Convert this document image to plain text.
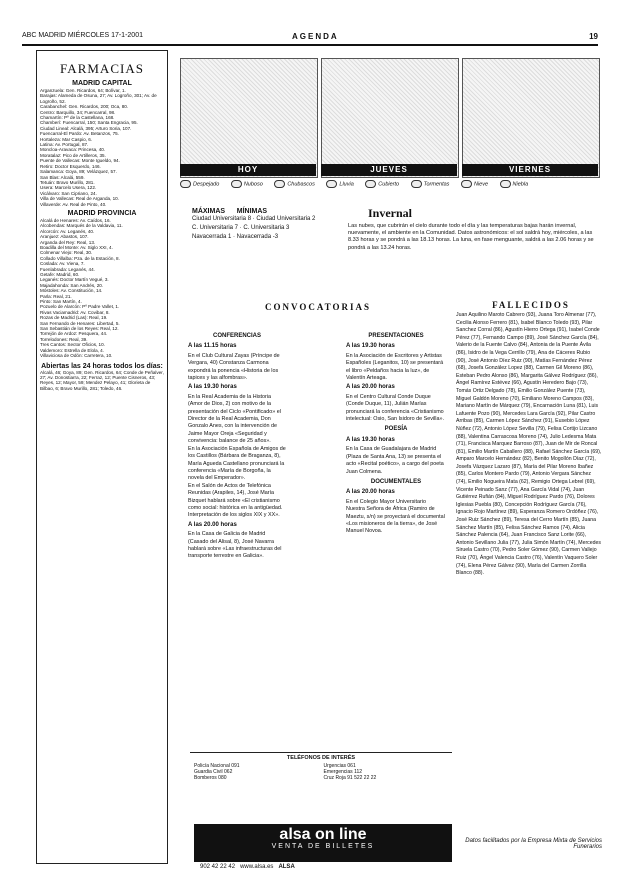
ABC MADRID MIÉRCOLES 17-1-2001	AGENDA	19
FARMACIAS
MADRID CAPITAL
Arganzuela: Gen. Ricardos, 64; Bolívar, 1.
Barajas: Alameda de Osuna, 27; Av. Logroño, 301; Av. de Logroño, 52.
Carabanchel: Gen. Ricardos, 200; Oca, 80.
Centro: Barquillo, 34; Fuencarral, 98.
Chamartín: Pº de la Castellana, 168.
Chamberí: Fuencarral, 150; Santa Engracia, 95.
Ciudad Lineal: Alcalá, 395; Arturo Soria, 107.
Fuencarral-El Pardo: Av. Betanzos, 75.
Hortaleza: Mar Caspio, 6.
Latina: Av. Portugal, 87.
Moncloa-Aravaca: Princesa, 40.
Moratalaz: Pico de Artilleros, 35.
Puente de Vallecas: Monte Igueldo, 94.
Retiro: Doctor Esquerdo, 146.
Salamanca: Goya, 89; Velázquez, 57.
San Blas: Alcalá, 559.
Tetuán: Bravo Murillo, 281.
Usera: Marcelo Usera, 122.
Vicálvaro: San Cipriano, 24.
Villa de Vallecas: Real de Arganda, 10.
Villaverde: Av. Real de Pinto, 40.
MADRID PROVINCIA
Alcalá de Henares: Av. Caídos, 16.
Alcobendas: Marqués de la Valdavia, 11.
Alcorcón: Av. Leganés, 40.
Aranjuez: Abastos, 107.
Arganda del Rey: Real, 13.
Boadilla del Monte: Av. Siglo XXI, 4.
Colmenar Viejo: Real, 30.
Collado Villalba: Pza. de la Estación, 8.
Coslada: Av. Viena, 7.
Fuenlabrada: Leganés, 44.
Getafe: Madrid, 60.
Leganés: Doctor Martín Vegué, 3.
Majadahonda: San Andrés, 20.
Móstoles: Av. Constitución, 14.
Parla: Real, 21.
Pinto: San Martín, 4.
Pozuelo de Alarcón: Pº Padre Vallet, 1.
Rivas Vaciamadrid: Av. Covibar, 8.
Rozas de Madrid (Las): Real, 19.
San Fernando de Henares: Libertad, 5.
San Sebastián de los Reyes: Real, 12.
Torrejón de Ardoz: Pesquera, 44.
Torrelodones: Real, 39.
Tres Cantos: Sector Oficios, 10.
Valdemoro: Estrella de Elola, 4.
Villaviciosa de Odón: Carretera, 10.
Abiertas las 24 horas todos los días:
Alcalá, 46; Goya, 89; Gen. Ricardos, 64; Conde de Peñalver, 27; Av. Donostiarra, 22; Ferraz, 12; Puente Cisneros, 43; Reyes, 12; Mayor, 59; Mendez Pelayo, 41; Glorieta de Bilbao, 6; Bravo Murillo, 281; Toledo, 46.
HOY	JUEVES	VIERNES
Despejado	Nuboso	Chubascos	Lluvia	Cubierto	Tormentas	Nieve	Niebla
MÁXIMAS MÍNIMAS
Ciudad Universitaria 8 · Ciudad Universitaria 2
C. Universitaria 7 · C. Universitaria 3
Navacerrada 1 · Navacerrada -3
Invernal

Las nubes, que cubrirán el cielo durante todo el día y las temperaturas bajas harán invernal, nuevamente, el ambiente en la Comunidad. Datos astronómicos: el sol saldrá hoy, miércoles, a las 8.33 horas y se pondrá a las 18.13 horas. La luna, en fase menguante, saldrá a las 2.06 horas y se pondrá a las 13.24 horas.

CONVOCATORIAS
CONFERENCIAS
A las 11.15 horas
En el Club Cultural Zayas (Príncipe de Vergara, 40) Constanza Carmona expondrá la ponencia «Historia de los tapices y las alfombras».
A las 19.30 horas
En la Real Academia de la Historia (Amor de Dios, 2) con motivo de la presentación del Ciclo «Pontificado» el Director de la Real Academia, Don Gonzalo Anes, con la intervención de Jaime Mayor Oreja «Seguridad y convivencia: balance de 25 años».
En la Asociación Española de Amigos de los Castillos (Bárbara de Braganza, 8), María Agueda Castellano pronunciará la conferencia «María de Borgoña, la novela del Emperador».
En el Salón de Actos de Telefónica Reunidas (Arapiles, 14), José María Bizquet hablará sobre «El cristianismo como social: histórica en la antigüedad. Interpretación de los siglos XIX y XX».
A las 20.00 horas
En la Casa de Galicia de Madrid (Casado del Alisal, 8), José Navarra hablará sobre «Las infraestructuras del transporte terrestre en Galicia».
PRESENTACIONES
A las 19.30 horas
En la Asociación de Escritores y Artistas Españoles (Leganitos, 10) se presentará el libro «Peldaños hacia la luz», de Valentín Arteaga.
A las 20.00 horas
En el Centro Cultural Conde Duque (Conde Duque, 11), Julián Marías pronunciará la conferencia «Cristianismo intelectual: Osio, San Isidoro de Sevilla».
POESÍA
A las 19.30 horas
En la Casa de Guadalajara de Madrid (Plaza de Santa Ana, 13) se presenta el acto «Recital poético», a cargo del poeta Juan Colmena.
DOCUMENTALES
A las 20.00 horas
En el Colegio Mayor Universitario Nuestra Señora de África (Ramiro de Maeztu, s/n) se proyectará el documental «Los misioneros de la tierra», de José Manuel Novoa.
FALLECIDOS
Juan Aquilino Maroto Cabrero (93), Juana Toro Almenar (77), Cecilia Alonso Ferrero (81), Isabel Blanco Toledo (93), Pilar Sanchez Corral (86), Agustín Hierro Ortega (91), Isabel Conde Pérez (77), Fernando Campo (89), José Sánchez García (84), Valerio de la Fuente Calvo (84), Antonia de la Puente Ávila (86), Isidro de la Vega Cerrillo (79), Ana de Cáceres Rubio (90), José Antonio Díez Ruiz (90), Matías Fernández Pérez (68), Josefa González Lopez (88), Carmen Gil Moreno (86), Esteban Pedro Alonso (86), Margarita Gálvez Rodríguez (86), Ángel Ramírez Estévez (66), Agustín Heredero Bajo (73), Tomás Ortiz Delgado (78), Emilio González Puente (73), Miguel Galdón Moreno (70), Emiliano Moreno Campos (83), Mariano Martín de Márquez (79), Encarnación Luna (81), Luis Lafuente Pozo (90), Mercedes Lara García (92), Pilar Castro Arribas (85), Carmen López Sánchez (91), Eusebio López Núñez (72), Antonio López Sevilla (79), Felisa Cortijo Lizcano (88), Valentina Carrascosa Moreno (74), Julio Ledesma Mata (71), Francisca Marquez Barroso (87), Juan de Mir de Roncal (81), Emilio Martín Caballero (88), Rafael Sánchez García (69), Amparo Marcelo Hernández (82), Benito Mogollón Díaz (72), Josefa Vázquez Lazaro (87), María del Pilar Moreno Ibañez (85), Carlos Montero Pardo (79), Antonio Vergara Sánchez (74), Emilio Nogueira Mata (62), Remigio Ortega Lebrel (69), Vicente Peinado Sanz (77), Ana García Vidal (74), Juan Gutiérrez Rufián (84), Miguel Rodríguez Pardo (76), Dolores Iglesias Puebla (80), Concepción Rodríguez García (76), Ignacio Rojo Martínez (89), Esperanza Romero Ordóñez (76), José Ruiz Sánchez (89), Teresa del Cerro Martín (85), Juana Sánchez Martín (85), Felisa Sánchez Ramos (74), Alicia Sánchez Palencia (64), Juan Francisco Sanz Lorite (66), Antonio Sevillano Julia (77), Julia Simón Martín (74), Mercedes Siruela Castro (70), Pedro Soler Gómez (90), Carmen Vallejo Ruiz (70), Ángel Valencia Castro (76), Valentín Vaquero Soler (74), Elena Pérez Gálvez (90), María del Carmen Zorrilla Blanco (88).
Datos facilitados por la Empresa Mixta de Servicios Funerarios
TELÉFONOS DE INTERÉS
Policía Nacional 091
Guardia Civil 062
Bomberos 080
Urgencias 061
Emergencias 112
Cruz Roja 91 522 22 22
alsa on line
VENTA DE BILLETES
902 42 22 42 www.alsa.es ALSA
